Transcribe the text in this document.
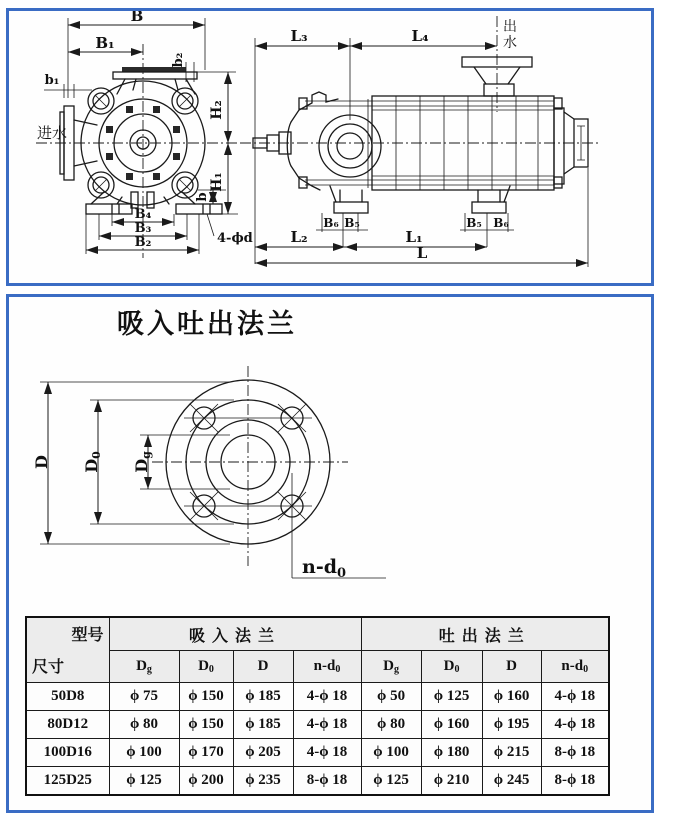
B
B₁
b₂
b₁
进水
H₂
H₁
b
B₄
B₃
B₂	4-ϕd
L₃	L₄
出
水
B₆ B₅	B₅ B₆
L₂	L₁
L
吸入吐出法兰
D D0
Dg
$n-d_0$
型号
尺寸	吸入法兰				吐出法兰			
	$D_g$	$D_0$	D	$n-d_0$	$D_g$	$D_0$	D	$n-d_0$
50D8	ϕ 75	ϕ 150	ϕ 185	4-ϕ 18	ϕ 50	ϕ 125	ϕ 160	4-ϕ 18
80D12	ϕ 80	ϕ 150	ϕ 185	4-ϕ 18	ϕ 80	ϕ 160	ϕ 195	4-ϕ 18
100D16	ϕ 100	ϕ 170	ϕ 205	4-ϕ 18	ϕ 100	ϕ 180	ϕ 215	8-ϕ 18
125D25	ϕ 125	ϕ 200	ϕ 235	8-ϕ 18	ϕ 125	ϕ 210	ϕ 245	8-ϕ 18
